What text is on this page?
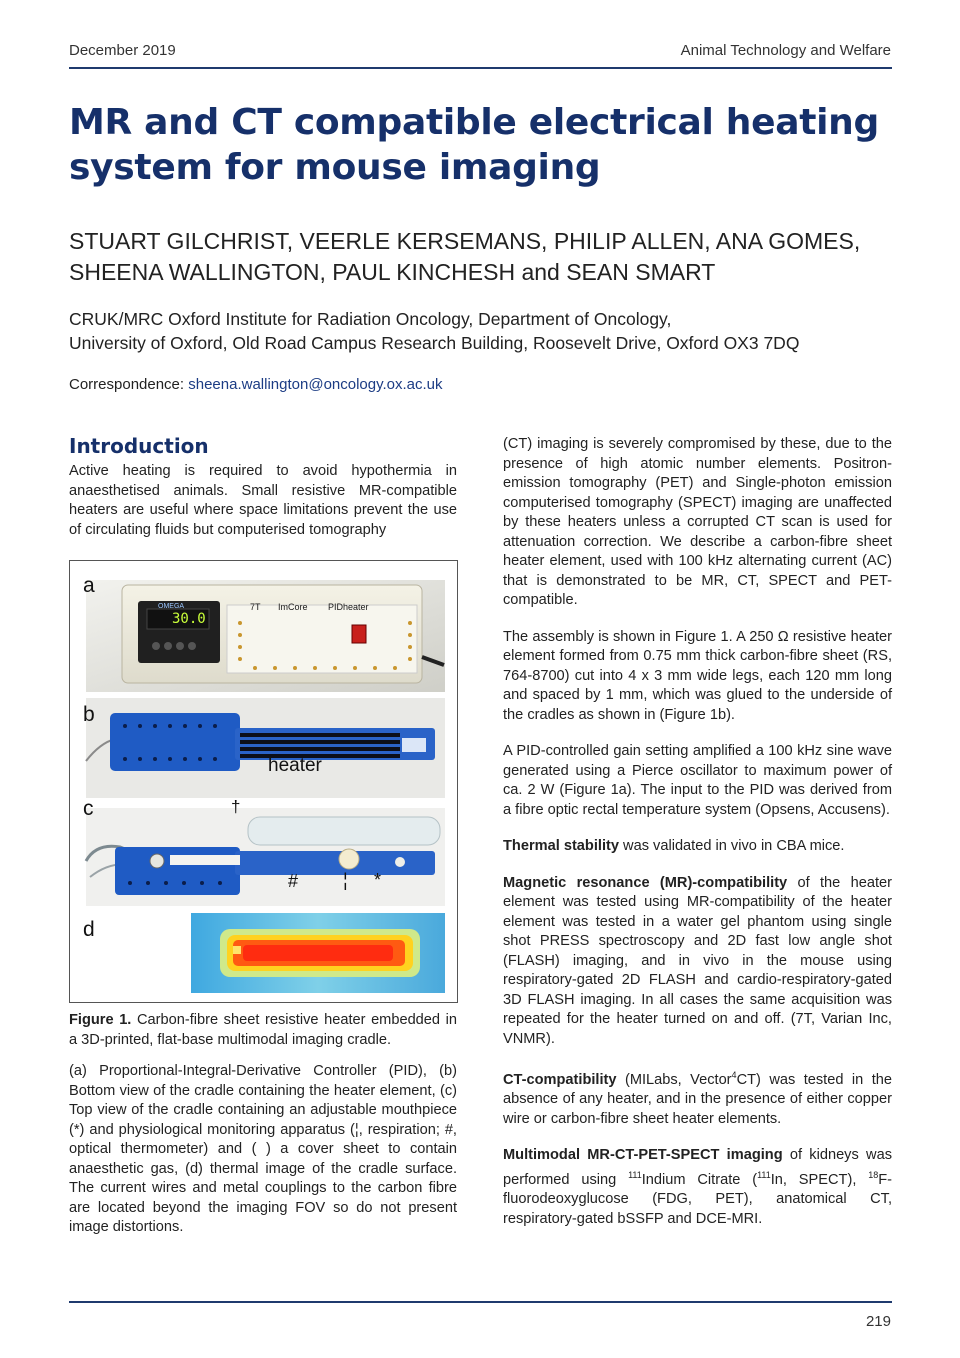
December 2019	Animal Technology and Welfare
MR and CT compatible electrical heating
system for mouse imaging
STUART GILCHRIST, VEERLE KERSEMANS, PHILIP ALLEN, ANA GOMES,
SHEENA WALLINGTON, PAUL KINCHESH and SEAN SMART
CRUK/MRC Oxford Institute for Radiation Oncology, Department of Oncology,
University of Oxford, Old Road Campus Research Building, Roosevelt Drive, Oxford OX3 7DQ
Correspondence: sheena.wallington@oncology.ox.ac.uk
Introduction

Active heating is required to avoid hypothermia in anaesthetised animals. Small resistive MR-compatible heaters are useful where space limitations prevent the use of circulating fluids but computerised tomography

a
b
c
d
OMEGA
30.0
7T ImCore PIDheater
heater
†
# ¦ *

Figure 1. Carbon-fibre sheet resistive heater embedded in a 3D-printed, flat-base multimodal imaging cradle.

(a) Proportional-Integral-Derivative Controller (PID), (b) Bottom view of the cradle containing the heater element, (c) Top view of the cradle containing an adjustable mouthpiece (*) and physiological monitoring apparatus (¦, respiration; #, optical thermometer) and ( ) a cover sheet to contain anaesthetic gas, (d) thermal image of the cradle surface. The current wires and metal couplings to the carbon fibre are located beyond the imaging FOV so do not present image distortions.

(CT) imaging is severely compromised by these, due to the presence of high atomic number elements. Positron-emission tomography (PET) and Single-photon emission computerised tomography (SPECT) imaging are unaffected by these heaters unless a corrupted CT scan is used for attenuation correction. We describe a carbon-fibre sheet heater element, used with 100 kHz alternating current (AC) that is demonstrated to be MR, CT, SPECT and PET-compatible.

The assembly is shown in Figure 1. A 250 Ω resistive heater element formed from 0.75 mm thick carbon-fibre sheet (RS, 764-8700) cut into 4 x 3 mm wide legs, each 120 mm long and spaced by 1 mm, which was glued to the underside of the cradles as shown in (Figure 1b).

A PID-controlled gain setting amplified a 100 kHz sine wave generated using a Pierce oscillator to maximum power of ca. 2 W (Figure 1a). The input to the PID was derived from a fibre optic rectal temperature system (Opsens, Accusens).

Thermal stability was validated in vivo in CBA mice.

Magnetic resonance (MR)-compatibility of the heater element was tested using MR-compatibility of the heater element was tested in a water gel phantom using single shot PRESS spectroscopy and 2D fast low angle shot (FLASH) imaging, and in vivo in the mouse using respiratory-gated 2D FLASH and cardio-respiratory-gated 3D FLASH imaging. In all cases the same acquisition was repeated for the heater turned on and off. (7T, Varian Inc, VNMR).

CT-compatibility (MILabs, Vector$^4$CT) was tested in the absence of any heater, and in the presence of either copper wire or carbon-fibre sheet heater elements.

Multimodal MR-CT-PET-SPECT imaging of kidneys was performed using $^{111}$Indium Citrate ($^{111}$In, SPECT), $^{18}$F-fluorodeoxyglucose (FDG, PET), anatomical CT, respiratory-gated bSSFP and DCE-MRI.

219
